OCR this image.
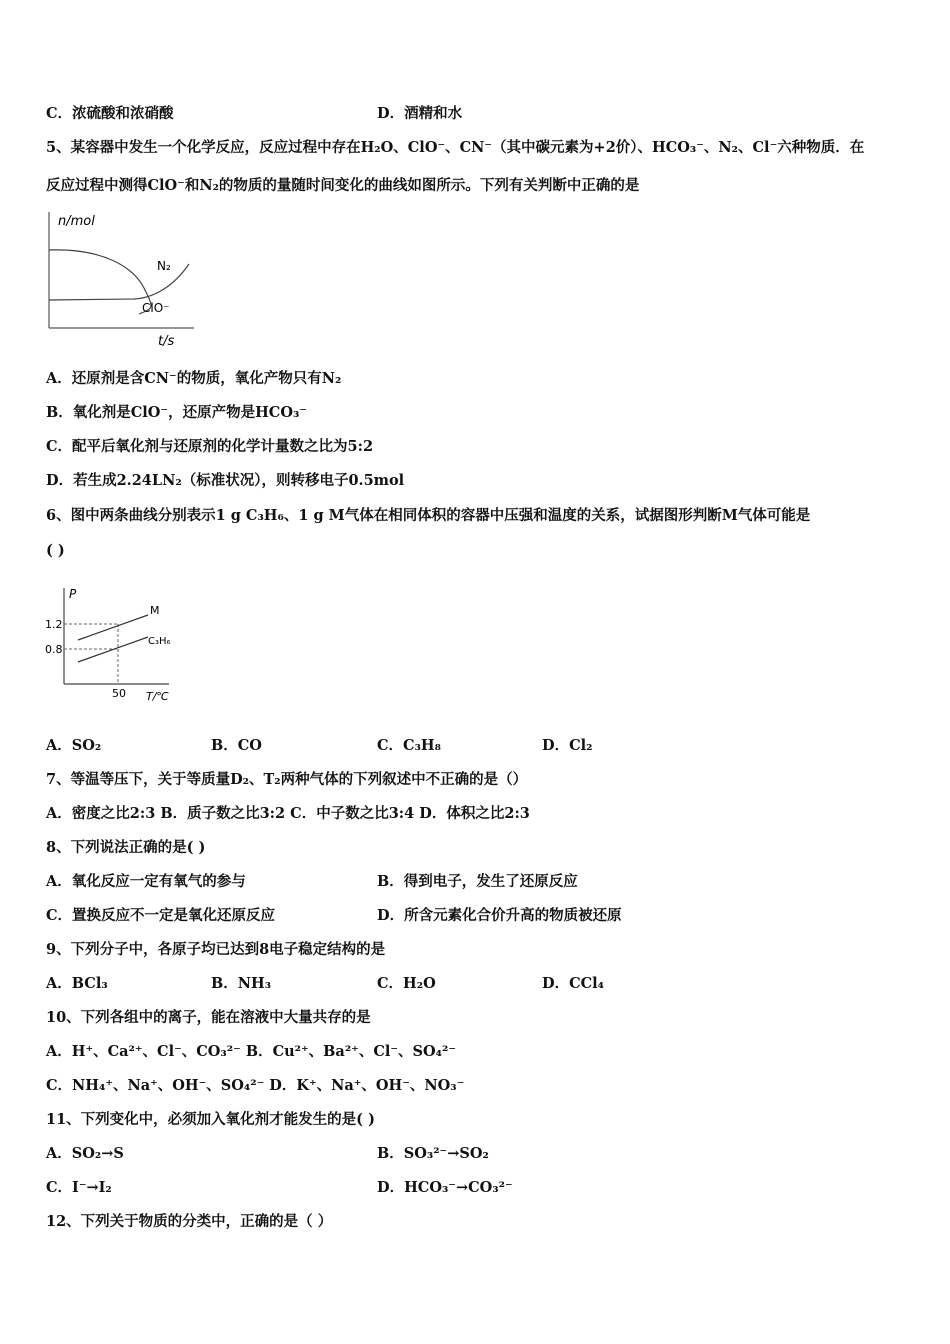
C．浓硫酸和浓硝酸	D．酒精和水
5、某容器中发生一个化学反应，反应过程中存在H₂O、ClO⁻、CN⁻（其中碳元素为+2价）、HCO₃⁻、N₂、Cl⁻六种物质．在
反应过程中测得ClO⁻和N₂的物质的量随时间变化的曲线如图所示。下列有关判断中正确的是
n/mol
N₂
ClO⁻
t/s
A．还原剂是含CN⁻的物质，氧化产物只有N₂
B．氧化剂是ClO⁻，还原产物是HCO₃⁻
C．配平后氧化剂与还原剂的化学计量数之比为5:2
D．若生成2.24LN₂（标准状况），则转移电子0.5mol
6、图中两条曲线分别表示1 g C₃H₆、1 g M气体在相同体积的容器中压强和温度的关系，试据图形判断M气体可能是
( )
P
1.2
0.8
M
C₃H₆
50 T/℃
A．SO₂	B．CO	C．C₃H₈	D．Cl₂
7、等温等压下，关于等质量D₂、T₂两种气体的下列叙述中不正确的是（）
A．密度之比2:3 B．质子数之比3:2 C．中子数之比3:4 D．体积之比2:3
8、下列说法正确的是( )
A．氧化反应一定有氧气的参与	B．得到电子，发生了还原反应
C．置换反应不一定是氧化还原反应	D．所含元素化合价升高的物质被还原
9、下列分子中，各原子均已达到8电子稳定结构的是
A．BCl₃	B．NH₃	C．H₂O	D．CCl₄
10、下列各组中的离子，能在溶液中大量共存的是
A．H⁺、Ca²⁺、Cl⁻、CO₃²⁻ B．Cu²⁺、Ba²⁺、Cl⁻、SO₄²⁻
C．NH₄⁺、Na⁺、OH⁻、SO₄²⁻ D．K⁺、Na⁺、OH⁻、NO₃⁻
11、下列变化中，必须加入氧化剂才能发生的是( )
A．SO₂→S	B．SO₃²⁻→SO₂
C．I⁻→I₂	D．HCO₃⁻→CO₃²⁻
12、下列关于物质的分类中，正确的是（ ）
